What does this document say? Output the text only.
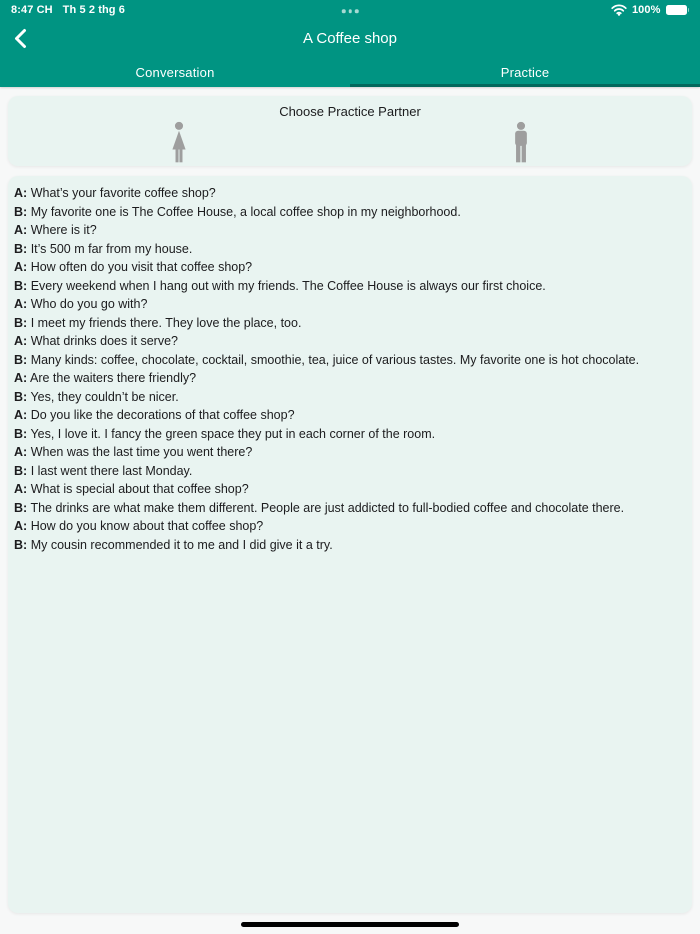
8:47 CH Th 5 2 thg 6	100%
A Coffee shop
Conversation	Practice
Choose Practice Partner

A: What’s your favorite coffee shop?

B: My favorite one is The Coffee House, a local coffee shop in my neighborhood.

A: Where is it?

B: It’s 500 m far from my house.

A: How often do you visit that coffee shop?

B: Every weekend when I hang out with my friends. The Coffee House is always our first choice.

A: Who do you go with?

B: I meet my friends there. They love the place, too.

A: What drinks does it serve?

B: Many kinds: coffee, chocolate, cocktail, smoothie, tea, juice of various tastes. My favorite one is hot chocolate.

A: Are the waiters there friendly?

B: Yes, they couldn’t be nicer.

A: Do you like the decorations of that coffee shop?

B: Yes, I love it. I fancy the green space they put in each corner of the room.

A: When was the last time you went there?

B: I last went there last Monday.

A: What is special about that coffee shop?

B: The drinks are what make them different. People are just addicted to full-bodied coffee and chocolate there.

A: How do you know about that coffee shop?

B: My cousin recommended it to me and I did give it a try.
